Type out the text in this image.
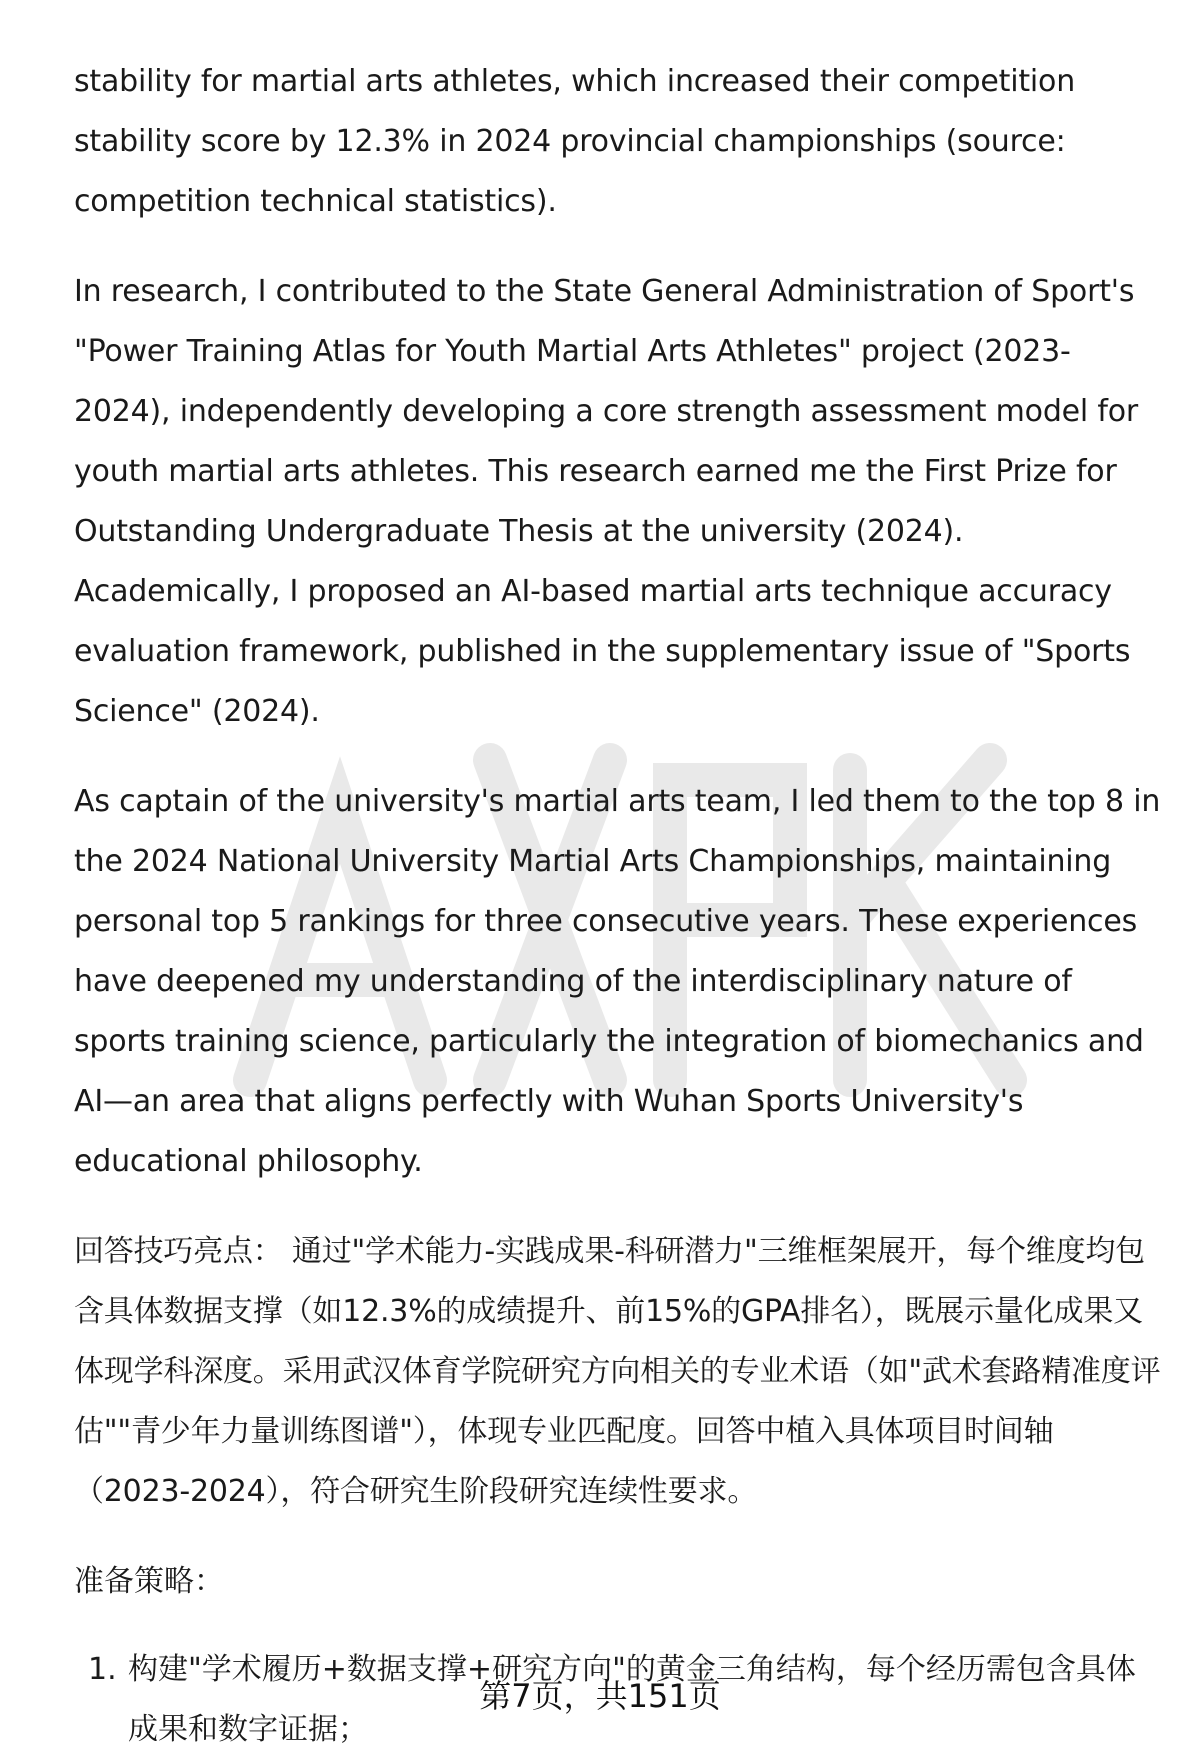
stability for martial arts athletes, which increased their competition stability score by 12.3% in 2024 provincial championships (source: competition technical statistics).

In research, I contributed to the State General Administration of Sport's "Power Training Atlas for Youth Martial Arts Athletes" project (2023-2024), independently developing a core strength assessment model for youth martial arts athletes. This research earned me the First Prize for Outstanding Undergraduate Thesis at the university (2024). Academically, I proposed an AI-based martial arts technique accuracy evaluation framework, published in the supplementary issue of "Sports Science" (2024).

As captain of the university's martial arts team, I led them to the top 8 in the 2024 National University Martial Arts Championships, maintaining personal top 5 rankings for three consecutive years. These experiences have deepened my understanding of the interdisciplinary nature of sports training science, particularly the integration of biomechanics and AI—an area that aligns perfectly with Wuhan Sports University's educational philosophy.

回答技巧亮点： 通过"学术能力-实践成果-科研潜力"三维框架展开，每个维度均包含具体数据支撑（如12.3%的成绩提升、前15%的GPA排名），既展示量化成果又体现学科深度。采用武汉体育学院研究方向相关的专业术语（如"武术套路精准度评估""青少年力量训练图谱"），体现专业匹配度。回答中植入具体项目时间轴（2023-2024），符合研究生阶段研究连续性要求。

准备策略：
1. 构建"学术履历+数据支撑+研究方向"的黄金三角结构，每个经历需包含具体成果和数字证据；
第7页，共151页
